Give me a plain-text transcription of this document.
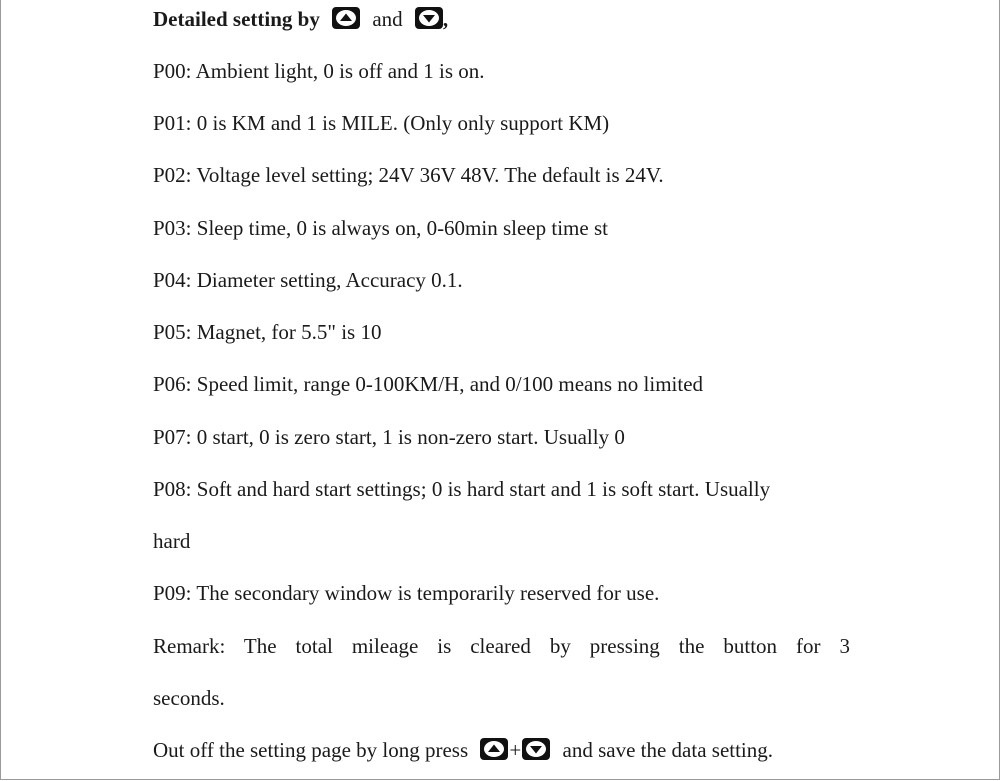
Detailed setting by	and ,
P00: Ambient light, 0 is off and 1 is on.
P01: 0 is KM and 1 is MILE. (Only only support KM)
P02: Voltage level setting; 24V 36V 48V. The default is 24V.
P03: Sleep time, 0 is always on, 0-60min sleep time st
P04: Diameter setting, Accuracy 0.1.
P05: Magnet, for 5.5" is 10
P06: Speed limit, range 0-100KM/H, and 0/100 means no limited
P07: 0 start, 0 is zero start, 1 is non-zero start. Usually 0
P08: Soft and hard start settings; 0 is hard start and 1 is soft start. Usually
hard
P09: The secondary window is temporarily reserved for use.
Remark: The total mileage is cleared by pressing the button for 3
seconds.
Out off the setting page by long press + and save the data setting.
